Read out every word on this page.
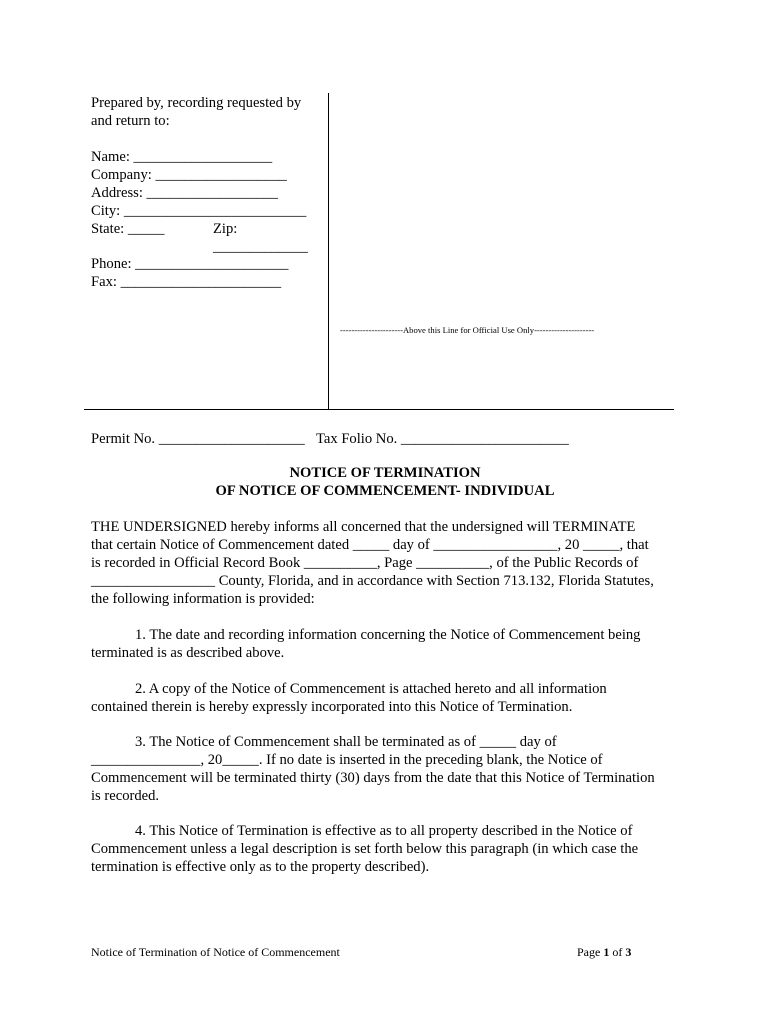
Prepared by, recording requested by
and return to:
Name: ___________________
Company: __________________
Address: __________________
City: _________________________
State: _____	Zip:
_____________
Phone: _____________________
Fax: ______________________
----------------------Above this Line for Official Use Only---------------------
Permit No. ____________________ Tax Folio No. _______________________
NOTICE OF TERMINATION
OF NOTICE OF COMMENCEMENT- INDIVIDUAL
THE UNDERSIGNED hereby informs all concerned that the undersigned will TERMINATE
that certain Notice of Commencement dated _____ day of _________________, 20 _____, that
is recorded in Official Record Book __________, Page __________, of the Public Records of
_________________ County, Florida, and in accordance with Section 713.132, Florida Statutes,
the following information is provided:
1. The date and recording information concerning the Notice of Commencement being
terminated is as described above.
2. A copy of the Notice of Commencement is attached hereto and all information
contained therein is hereby expressly incorporated into this Notice of Termination.
3. The Notice of Commencement shall be terminated as of _____ day of
_______________, 20_____. If no date is inserted in the preceding blank, the Notice of
Commencement will be terminated thirty (30) days from the date that this Notice of Termination
is recorded.
4. This Notice of Termination is effective as to all property described in the Notice of
Commencement unless a legal description is set forth below this paragraph (in which case the
termination is effective only as to the property described).
Notice of Termination of Notice of Commencement	Page 1 of 3
